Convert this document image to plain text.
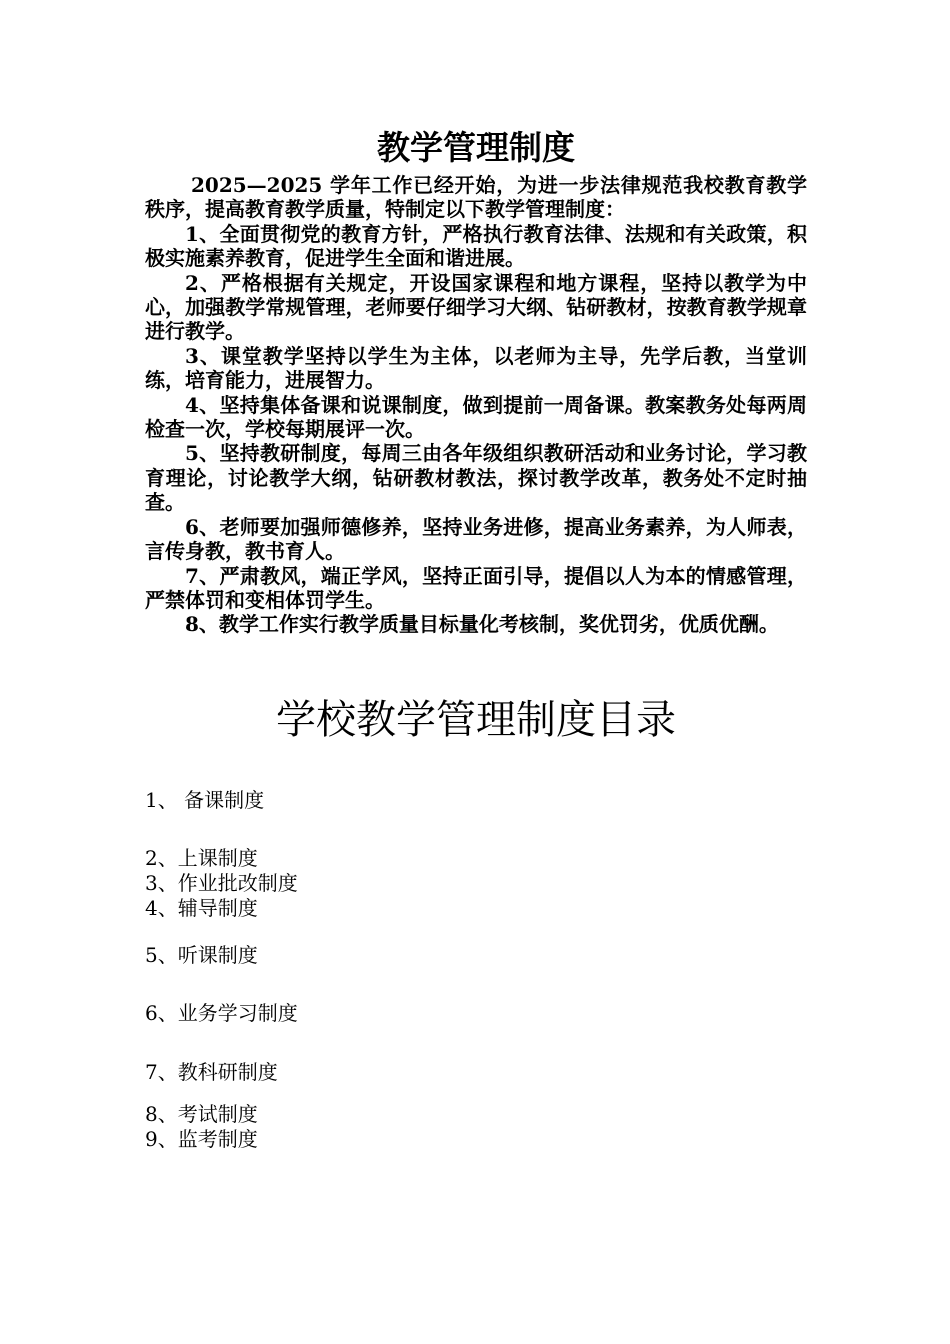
教学管理制度

2025—2025 学年工作已经开始，为进一步法律规范我校教育教学秩序，提高教育教学质量，特制定以下教学管理制度：

1、全面贯彻党的教育方针，严格执行教育法律、法规和有关政策，积极实施素养教育，促进学生全面和谐进展。

2、严格根据有关规定，开设国家课程和地方课程，坚持以教学为中心，加强教学常规管理，老师要仔细学习大纲、钻研教材，按教育教学规章进行教学。

3、课堂教学坚持以学生为主体，以老师为主导，先学后教，当堂训练，培育能力，进展智力。

4、坚持集体备课和说课制度，做到提前一周备课。教案教务处每两周检查一次，学校每期展评一次。

5、坚持教研制度，每周三由各年级组织教研活动和业务讨论，学习教育理论，讨论教学大纲，钻研教材教法，探讨教学改革，教务处不定时抽查。

6、老师要加强师德修养，坚持业务进修，提高业务素养，为人师表，言传身教，教书育人。

7、严肃教风，端正学风，坚持正面引导，提倡以人为本的情感管理，严禁体罚和变相体罚学生。

8、教学工作实行教学质量目标量化考核制，奖优罚劣，优质优酬。

学校教学管理制度目录
1、 备课制度
2、上课制度
3、作业批改制度
4、辅导制度
5、听课制度
6、业务学习制度
7、教科研制度
8、考试制度
9、监考制度
